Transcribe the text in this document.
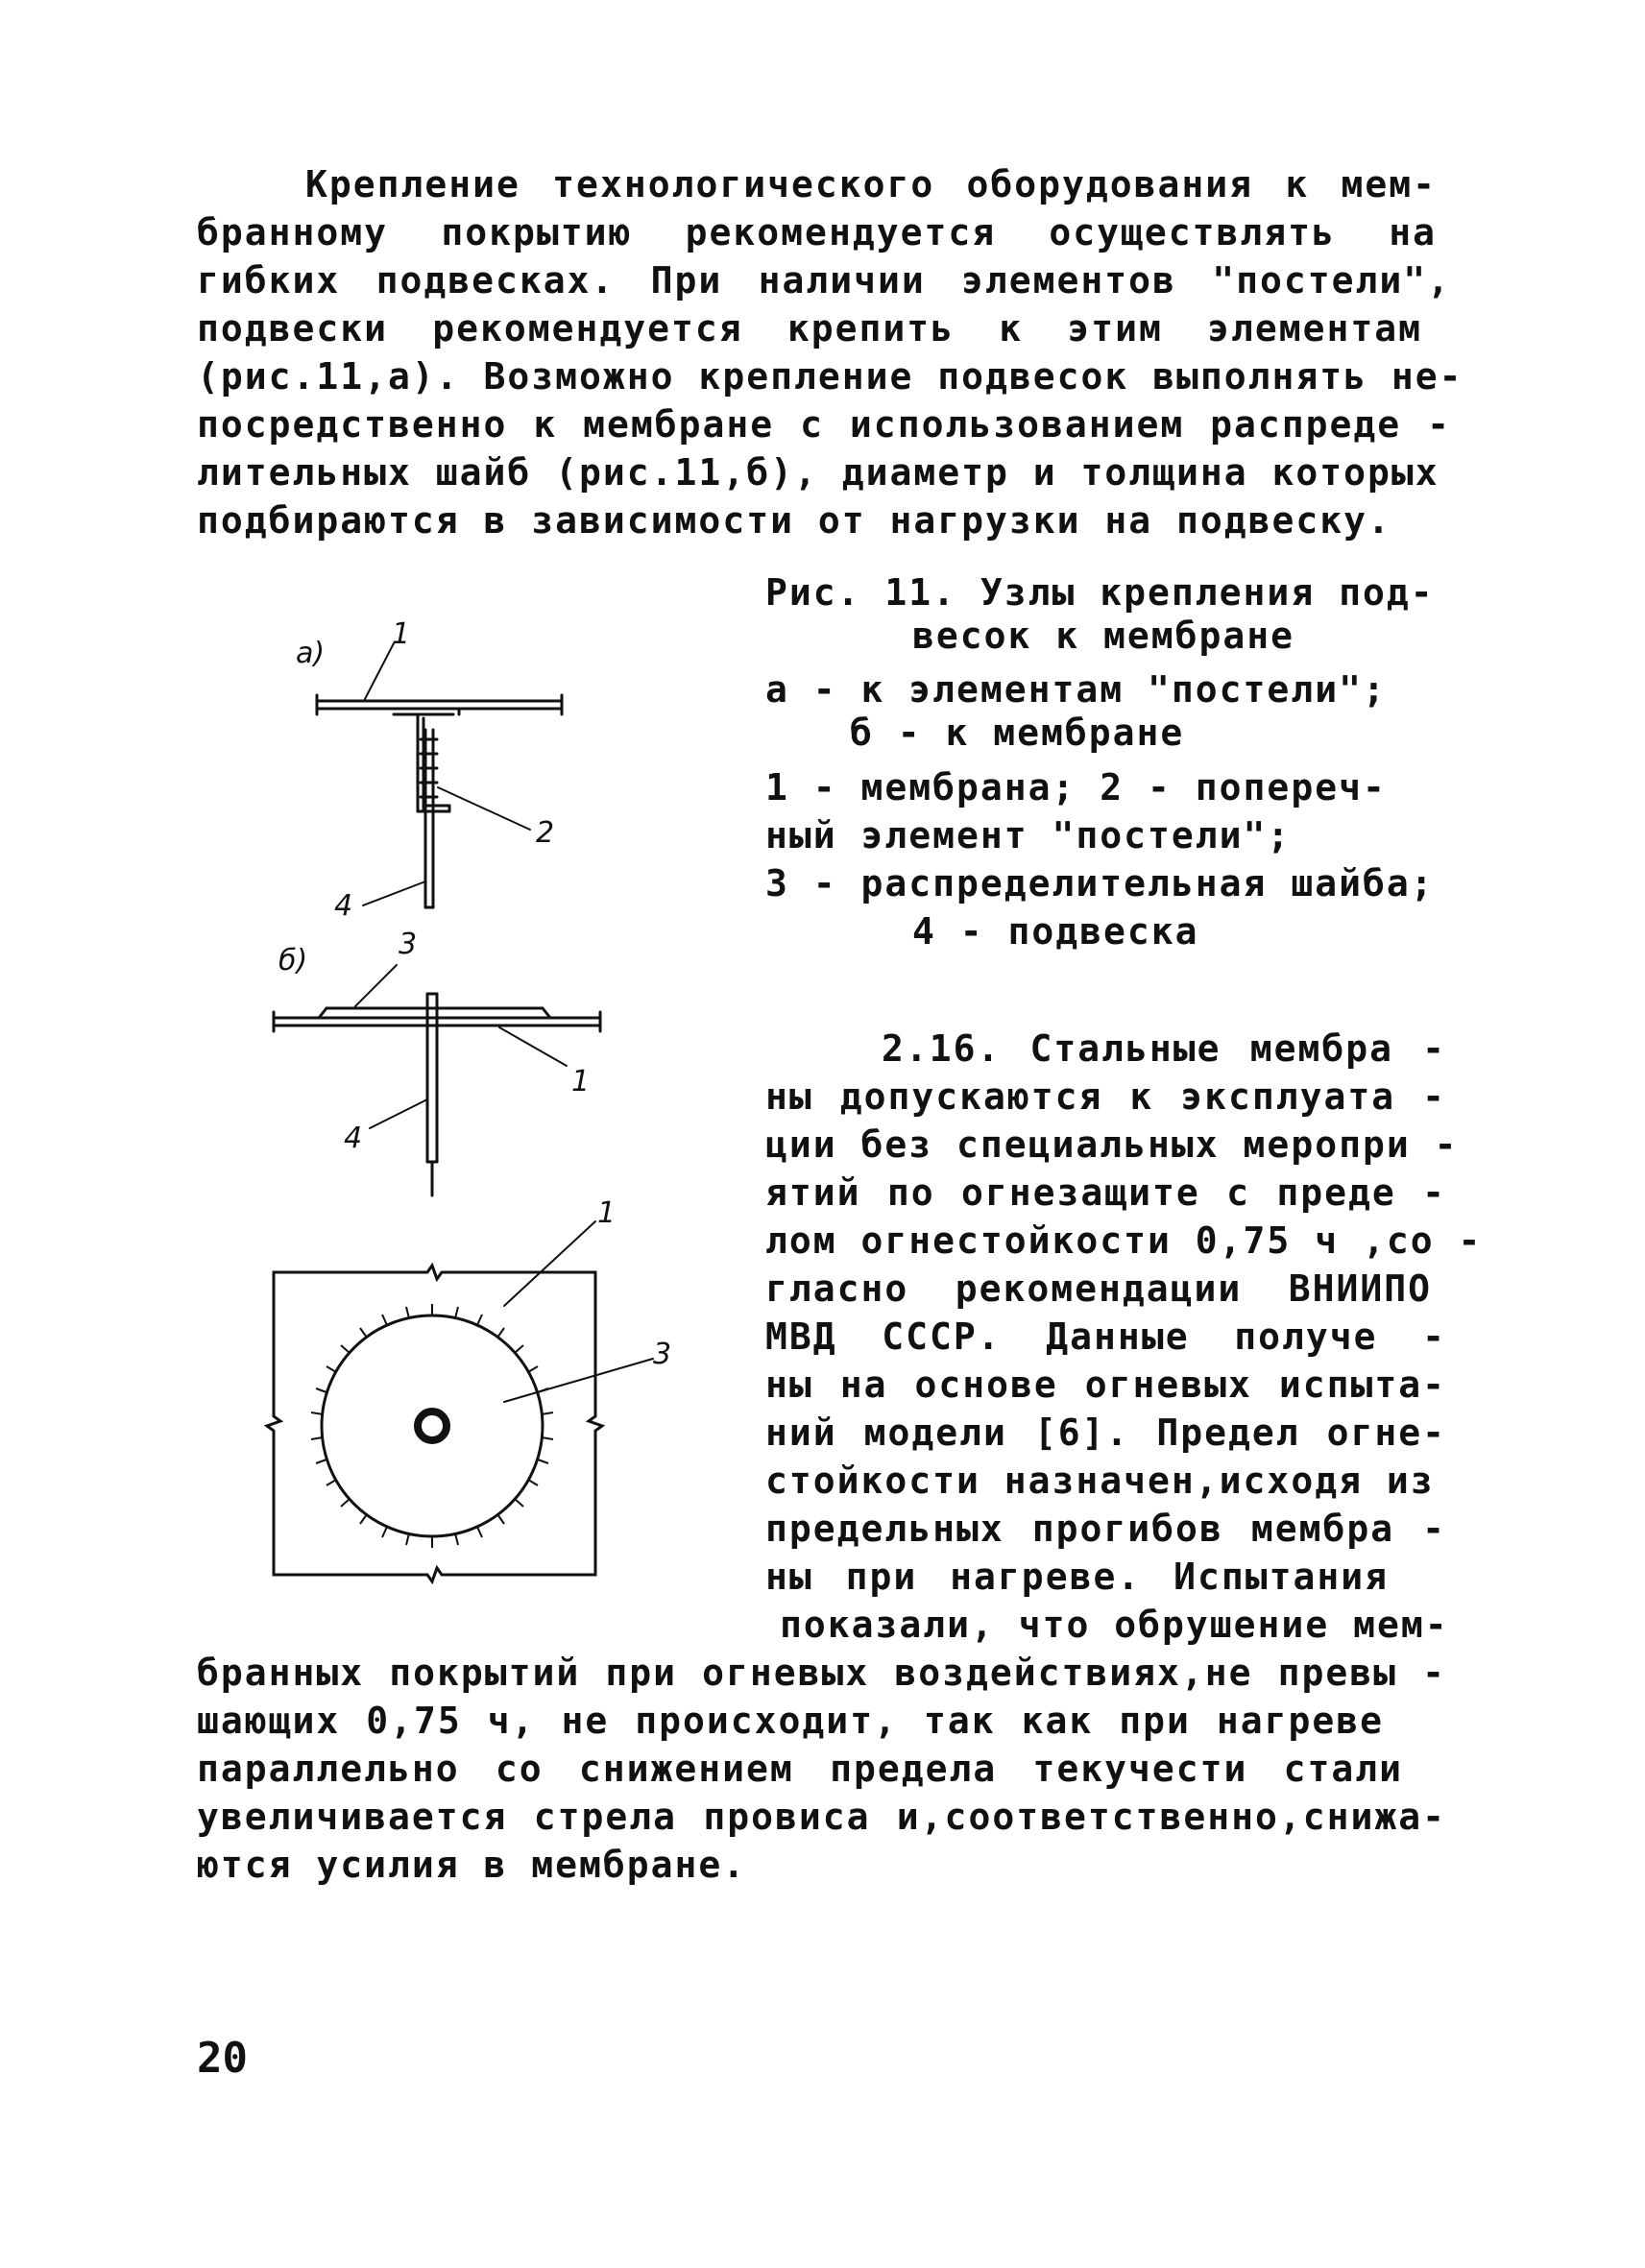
Крепление технологического оборудования к мем-
бранному покрытию рекомендуется осуществлять на
гибких подвесках. При наличии элементов "постели",
подвески рекомендуется крепить к этим элементам
(рис.11,а). Возможно крепление подвесок выполнять не-
посредственно к мембране с использованием распреде -
лительных шайб (рис.11,б), диаметр и толщина которых
подбираются в зависимости от нагрузки на подвеску.
Рис. 11. Узлы крепления под-
весок к мембране
а - к элементам "постели";
б - к мембране
1 - мембрана; 2 - попереч-
ный элемент "постели";
3 - распределительная шайба;
4 - подвеска
а)
1
2
4
б)	3
1
4
1
3
2.16. Стальные мембра -
ны допускаются к эксплуата -
ции без специальных меропри -
ятий по огнезащите с преде -
лом огнестойкости 0,75 ч ,со -
гласно рекомендации ВНИИПО
МВД СССР. Данные получе -
ны на основе огневых испыта-
ний модели [6]. Предел огне-
стойкости назначен,исходя из
предельных прогибов мембра -
ны при нагреве. Испытания
показали, что обрушение мем-
бранных покрытий при огневых воздействиях,не превы -
шающих 0,75 ч, не происходит, так как при нагреве
параллельно со снижением предела текучести стали
увеличивается стрела провиса и,соответственно,снижа-
ются усилия в мембране.
20
